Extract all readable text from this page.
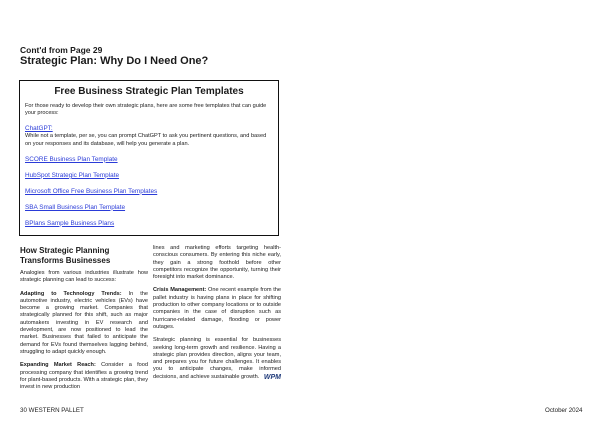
Cont'd from Page 29
Strategic Plan: Why Do I Need One?
Free Business Strategic Plan Templates
For those ready to develop their own strategic plans, here are some free templates that can guide your process:
ChatGPT:
While not a template, per se, you can prompt ChatGPT to ask you pertinent questions, and based on your responses and its database, will help you generate a plan.
SCORE Business Plan Template
HubSpot Strategic Plan Template
Microsoft Office Free Business Plan Templates
SBA Small Business Plan Template
BPlans Sample Business Plans
How Strategic Planning Transforms Businesses

Analogies from various industries illustrate how strategic planning can lead to success:

Adapting to Technology Trends: In the automotive industry, electric vehicles (EVs) have become a growing market. Companies that strategically planned for this shift, such as major automakers investing in EV research and development, are now positioned to lead the market. Businesses that failed to anticipate the demand for EVs found themselves lagging behind, struggling to adapt quickly enough.

Expanding Market Reach: Consider a food processing company that identifies a growing trend for plant-based products. With a strategic plan, they invest in new production

lines and marketing efforts targeting health-conscious consumers. By entering this niche early, they gain a strong foothold before other competitors recognize the opportunity, turning their foresight into market dominance.

Crisis Management: One recent example from the pallet industry is having plans in place for shifting production to other company locations or to outside companies in the case of disruption such as hurricane-related damage, flooding or power outages.

Strategic planning is essential for businesses seeking long-term growth and resilience. Having a strategic plan provides direction, aligns your team, and prepares you for future challenges. It enables you to anticipate changes, make informed decisions, and achieve sustainable growth. WPM

30 WESTERN PALLET	October 2024
